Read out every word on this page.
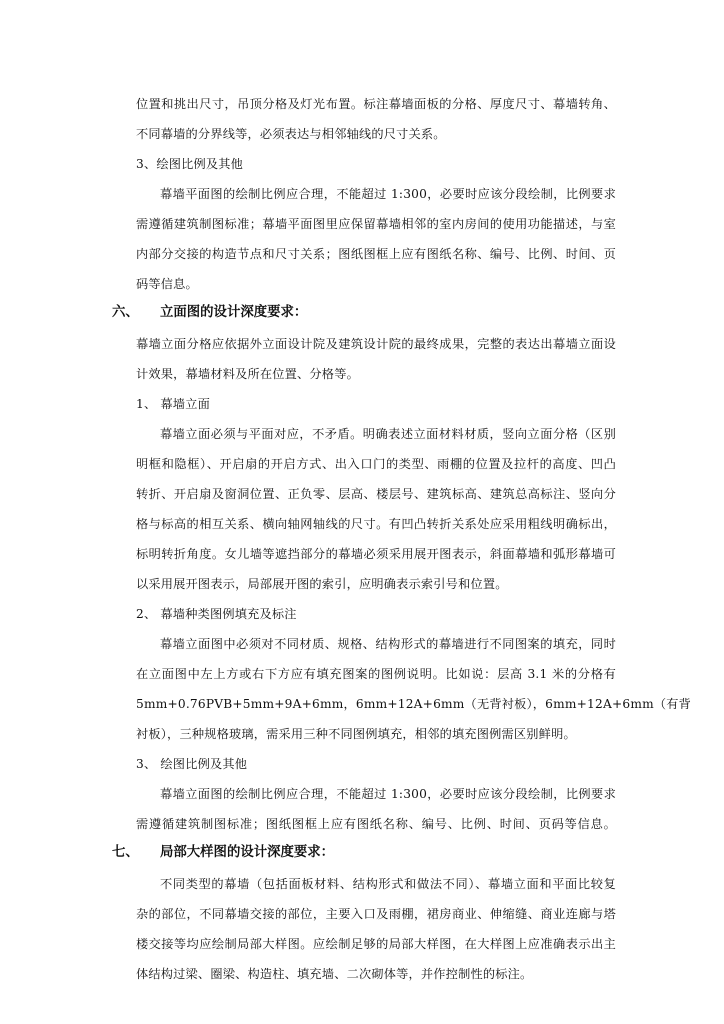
位置和挑出尺寸，吊顶分格及灯光布置。标注幕墙面板的分格、厚度尺寸、幕墙转角、
不同幕墙的分界线等，必须表达与相邻轴线的尺寸关系。
3、绘图比例及其他
幕墙平面图的绘制比例应合理，不能超过 1:300，必要时应该分段绘制，比例要求
需遵循建筑制图标准；幕墙平面图里应保留幕墙相邻的室内房间的使用功能描述，与室
内部分交接的构造节点和尺寸关系；图纸图框上应有图纸名称、编号、比例、时间、页
码等信息。
六、 立面图的设计深度要求：
幕墙立面分格应依据外立面设计院及建筑设计院的最终成果，完整的表达出幕墙立面设
计效果，幕墙材料及所在位置、分格等。
1、 幕墙立面
幕墙立面必须与平面对应，不矛盾。明确表述立面材料材质，竖向立面分格（区别
明框和隐框）、开启扇的开启方式、出入口门的类型、雨棚的位置及拉杆的高度、凹凸
转折、开启扇及窗洞位置、正负零、层高、楼层号、建筑标高、建筑总高标注、竖向分
格与标高的相互关系、横向轴网轴线的尺寸。有凹凸转折关系处应采用粗线明确标出，
标明转折角度。女儿墙等遮挡部分的幕墙必须采用展开图表示，斜面幕墙和弧形幕墙可
以采用展开图表示，局部展开图的索引，应明确表示索引号和位置。
2、 幕墙种类图例填充及标注
幕墙立面图中必须对不同材质、规格、结构形式的幕墙进行不同图案的填充，同时
在立面图中左上方或右下方应有填充图案的图例说明。比如说：层高 3.1 米的分格有
5mm+0.76PVB+5mm+9A+6mm，6mm+12A+6mm（无背衬板），6mm+12A+6mm（有背
衬板），三种规格玻璃，需采用三种不同图例填充，相邻的填充图例需区别鲜明。
3、 绘图比例及其他
幕墙立面图的绘制比例应合理，不能超过 1:300，必要时应该分段绘制，比例要求
需遵循建筑制图标准；图纸图框上应有图纸名称、编号、比例、时间、页码等信息。
七、 局部大样图的设计深度要求：
不同类型的幕墙（包括面板材料、结构形式和做法不同）、幕墙立面和平面比较复
杂的部位，不同幕墙交接的部位，主要入口及雨棚，裙房商业、伸缩缝、商业连廊与塔
楼交接等均应绘制局部大样图。应绘制足够的局部大样图，在大样图上应准确表示出主
体结构过梁、圈梁、构造柱、填充墙、二次砌体等，并作控制性的标注。
